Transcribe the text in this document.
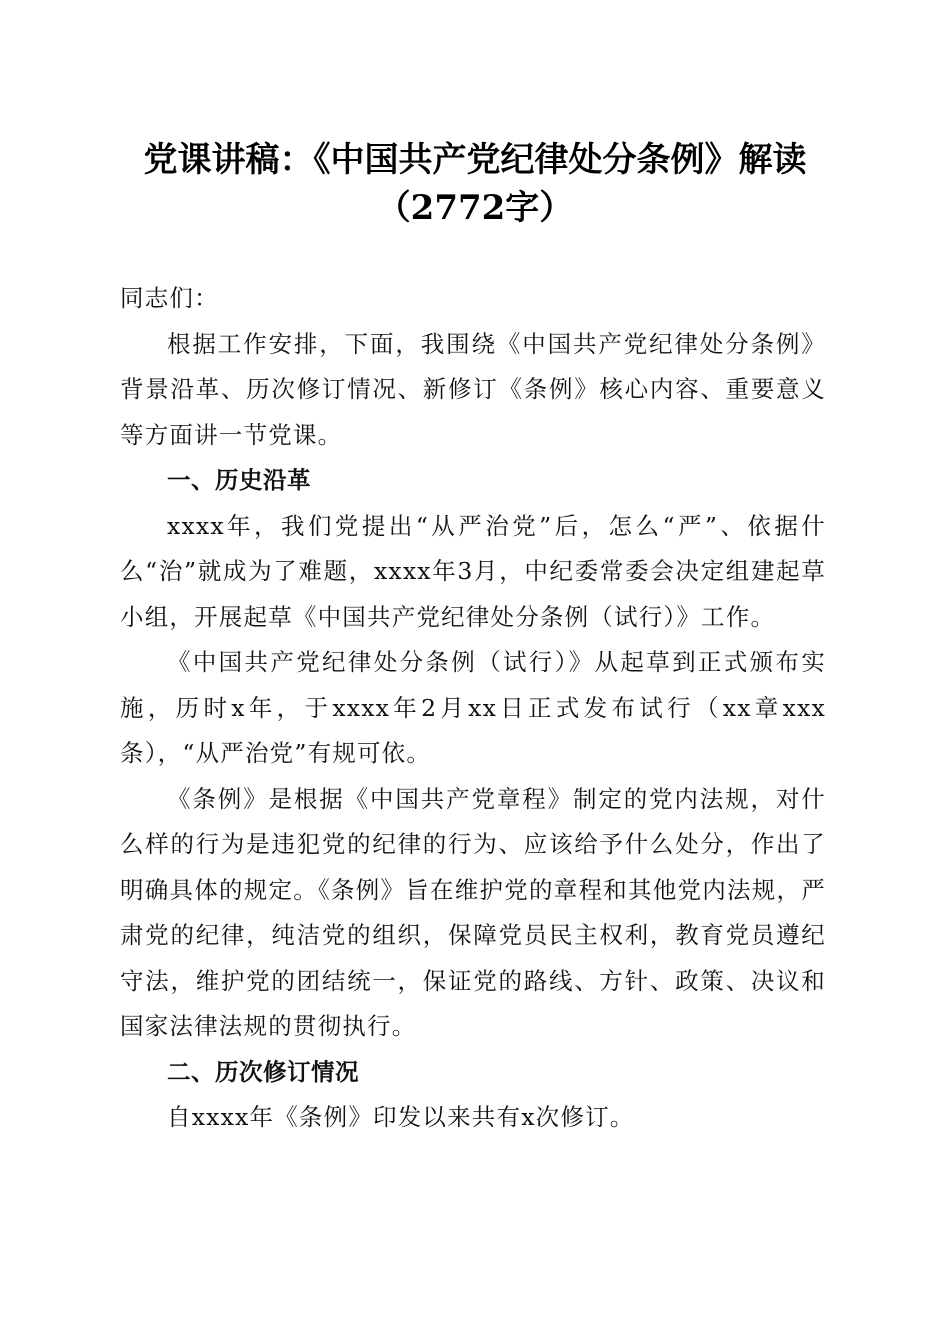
党课讲稿：《中国共产党纪律处分条例》解读
（2772字）

同志们：

根据工作安排，下面，我围绕《中国共产党纪律处分条例》背景沿革、历次修订情况、新修订《条例》核心内容、重要意义等方面讲一节党课。

一、历史沿革

xxxx年，我们党提出“从严治党”后，怎么“严”、依据什么“治”就成为了难题，xxxx年3月，中纪委常委会决定组建起草小组，开展起草《中国共产党纪律处分条例（试行）》工作。

《中国共产党纪律处分条例（试行）》从起草到正式颁布实施，历时x年，于xxxx年2月xx日正式发布试行（xx章xxx条），“从严治党”有规可依。

《条例》是根据《中国共产党章程》制定的党内法规，对什么样的行为是违犯党的纪律的行为、应该给予什么处分，作出了明确具体的规定。《条例》旨在维护党的章程和其他党内法规，严肃党的纪律，纯洁党的组织，保障党员民主权利，教育党员遵纪守法，维护党的团结统一，保证党的路线、方针、政策、决议和国家法律法规的贯彻执行。

二、历次修订情况

自xxxx年《条例》印发以来共有x次修订。
